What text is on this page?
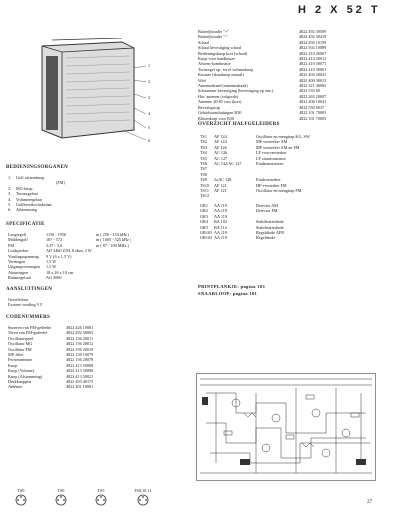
H 2 X 52 T
1
2
3
4
5
6
Batterijhouder "+"	4822 492 30509
Batterijhouder "-"	4822 492 30419
Schaal	4822 450 10159
Schaal bevestiging schaal	4822 502 10089
Bedieningsknop kort (schaal)	4822 410 20067
Knop voor bandkeuze	4822 410 20012
Afstem-kombinatie	4822 410 50071
Toonregel op- en/of volumeknop	4822 410 30001
Kruiner (draaiknop metaal)	4822 404 20041
Wiel	4822 400 30015
Antennedraad (antennedraad)	4822 321 40065
Schaarnaar bevestiging (bevestiging op enz.)	4822 535 60
Hor. antenne (volgorde)	4822 265 20007
Antenne 20-05 vast (kort)	4822 406 10041
Bevestigstrip	4822 550 6037
Geluidsaansluitingen R30	4822 101 70005
Klittenkurp voor R30	4822 101 70003
OVERZICHT HALFGELEIDERS
TS1	AF 124	Oscillator en mengtrap KG, SW
TS2	AF 124	MF versterker AM
TS3	AF 126	MF versterker AM en FM
TS4	AC 126	LF voorversterker
TS5	AC 127	LF stuurtransistor
TS6	AC 132/AC 127	Eindtransistoren
TS7
TS8
TS9	2xAC 128	Eindversterker
TS10	AF 121	HF-versterker FM
TS11	AF 121	Oscillator en mengtrap FM
TS12
GR1	AA 119	Detector AM
GR2	AA 119	Detector FM
GR3	AA 119
GR4	BA 102	Stabilisatiediode
GR5	BA 114	Stabilisatiediode
GR101 AA 119	Regeldiode AFR
GR102 AA 119	Regeldiode
PRINTPLANKJE: pagina 103
SNAARLOOP: pagina 101
BEDIENINGSORGANEN
1.	Golf afstemknop
(FM)
2.	MG-knop
3.	Toonregelaar
4.	Volumeregelaar
5.	Golfbereikschakelaar
6.	Afstemming
SPECIFICATIE
Lengtegolf	1150 - 1950	m ( 250 - 154 kHz )
Middengolf	187 - 572	m ( 1605 - 525 kHz )
FM	3,47 - 3,0	m ( 87 - 100 MHz )
Luidspreker	AD 3460 Z/M, 8 ohm, 3 W
Voedingsspanning	9 V (6 x 1,5 V)
Vermogen	1,5 W
Uitgangsvermogen	1,5 W
Afmetingen	18 x 26 x 10 cm
Ruimtegeluid	AG 3060
AANSLUITINGEN
Oortelefoon
Externe voeding 9 V
CODENUMMERS
Snoeren van FM-gedeelte	4822 426 10001
Veren van FM-gedeelte	4822 492 30063
Oscillatorspoel	4822 156 20011
Oscillator MG	4822 156 20012
Oscillator FM	4822 156 20019
MF-filter	4822 158 10079
Ferrietantenne	4822 156 20078
Knop	4822 413 50009
Knop (Volume)	4822 413 50006
Knop (Afstemming)	4822 413 50021
Drukknoppen	4822 493 40175
Antenne	4822 401 10001
TS9	TS6	TS5	TS8,10,11
27
